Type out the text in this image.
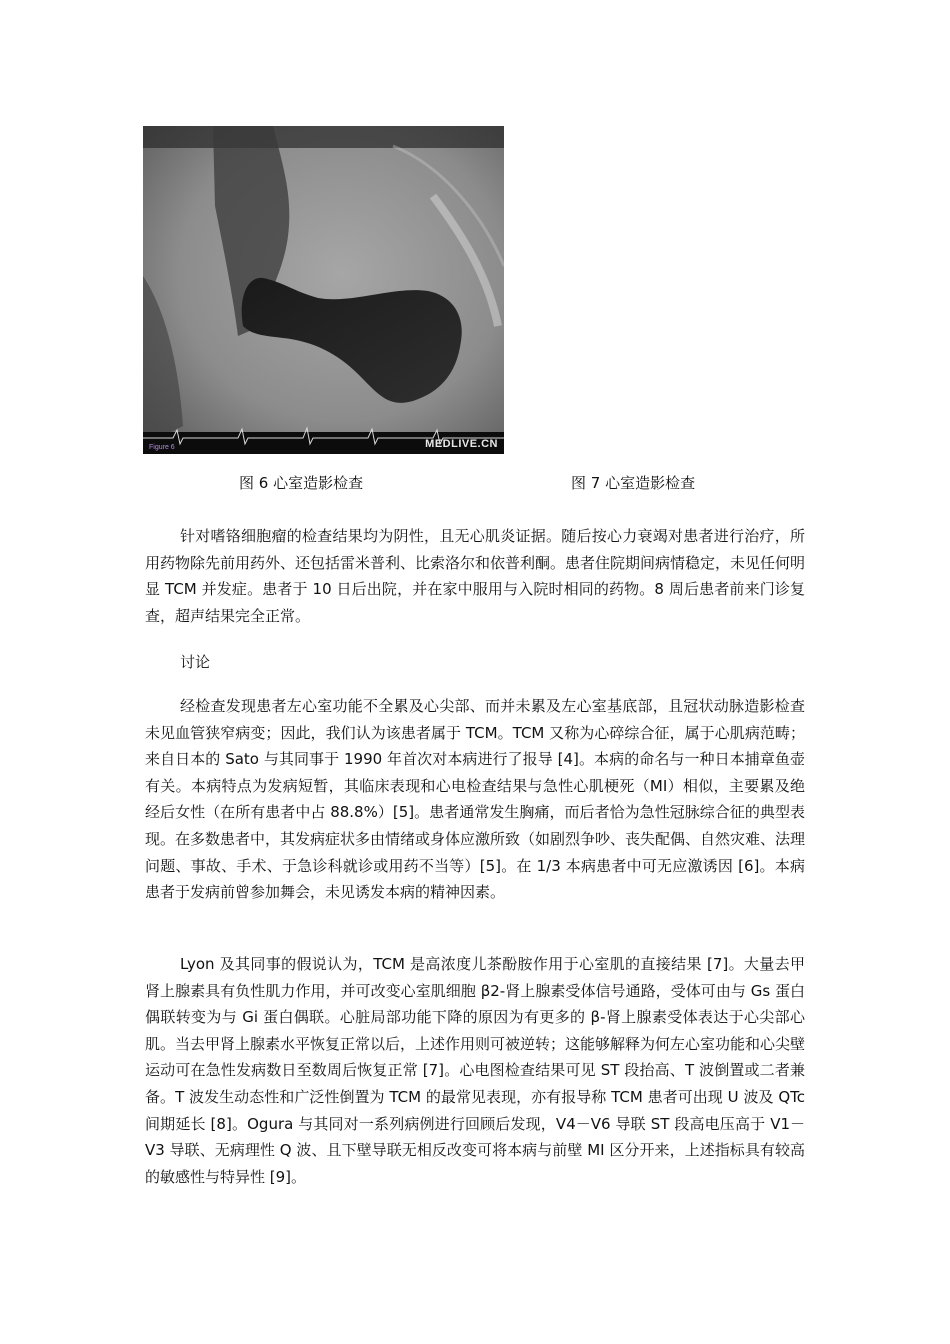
Figure 6	MEDLIVE.CN
图 6 心室造影检查	图 7 心室造影检查

针对嗜铬细胞瘤的检查结果均为阴性，且无心肌炎证据。随后按心力衰竭对患者进行治疗，所用药物除先前用药外、还包括雷米普利、比索洛尔和依普利酮。患者住院期间病情稳定，未见任何明显 TCM 并发症。患者于 10 日后出院，并在家中服用与入院时相同的药物。8 周后患者前来门诊复查，超声结果完全正常。

讨论

经检查发现患者左心室功能不全累及心尖部、而并未累及左心室基底部，且冠状动脉造影检查未见血管狭窄病变；因此，我们认为该患者属于 TCM。TCM 又称为心碎综合征，属于心肌病范畴；来自日本的 Sato 与其同事于 1990 年首次对本病进行了报导 [4]。本病的命名与一种日本捕章鱼壶有关。本病特点为发病短暂，其临床表现和心电检查结果与急性心肌梗死（MI）相似，主要累及绝经后女性（在所有患者中占 88.8%）[5]。患者通常发生胸痛，而后者恰为急性冠脉综合征的典型表现。在多数患者中，其发病症状多由情绪或身体应激所致（如剧烈争吵、丧失配偶、自然灾难、法理问题、事故、手术、于急诊科就诊或用药不当等）[5]。在 1/3 本病患者中可无应激诱因 [6]。本病患者于发病前曾参加舞会，未见诱发本病的精神因素。

Lyon 及其同事的假说认为，TCM 是高浓度儿茶酚胺作用于心室肌的直接结果 [7]。大量去甲肾上腺素具有负性肌力作用，并可改变心室肌细胞 β2-肾上腺素受体信号通路，受体可由与 Gs 蛋白偶联转变为与 Gi 蛋白偶联。心脏局部功能下降的原因为有更多的 β-肾上腺素受体表达于心尖部心肌。当去甲肾上腺素水平恢复正常以后，上述作用则可被逆转；这能够解释为何左心室功能和心尖壁运动可在急性发病数日至数周后恢复正常 [7]。心电图检查结果可见 ST 段抬高、T 波倒置或二者兼备。T 波发生动态性和广泛性倒置为 TCM 的最常见表现，亦有报导称 TCM 患者可出现 U 波及 QTc 间期延长 [8]。Ogura 与其同对一系列病例进行回顾后发现，V4－V6 导联 ST 段高电压高于 V1－V3 导联、无病理性 Q 波、且下壁导联无相反改变可将本病与前壁 MI 区分开来，上述指标具有较高的敏感性与特异性 [9]。
